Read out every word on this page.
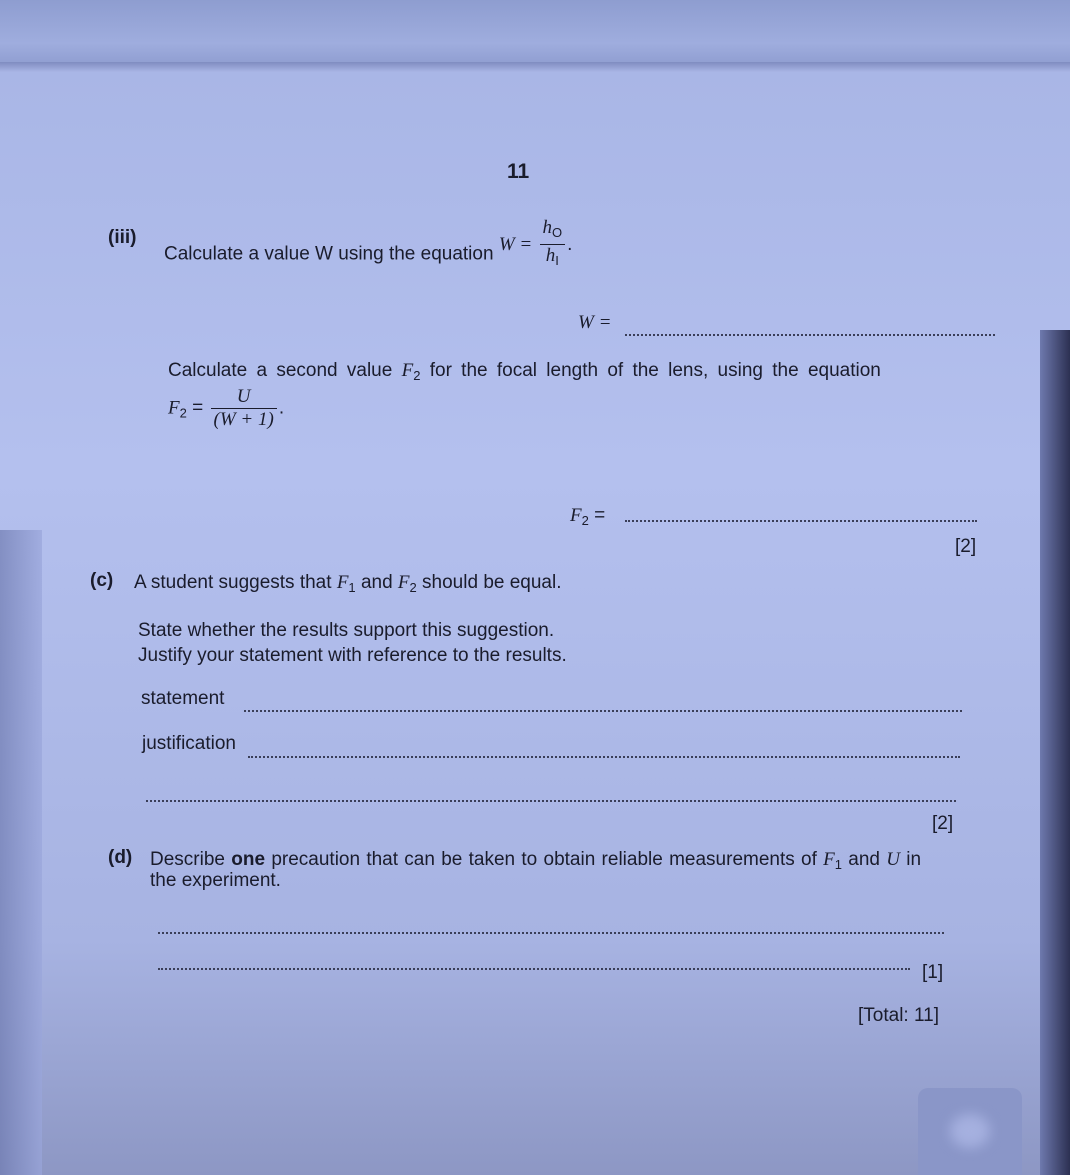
11
(iii)
Calculate a value W using the equation $W = \frac{h_O}{h_I}$ .
W =
Calculate a second value $F_2$ for the focal length of the lens, using the equation
$F_2 = \frac{U}{(W + 1)}$ .
$F_2$ =
[2]
(c) A student suggests that $F_1$ and $F_2$ should be equal.
State whether the results support this suggestion.
Justify your statement with reference to the results.
statement
justification
[2]
(d) Describe one precaution that can be taken to obtain reliable measurements of $F_1$ and U in
the experiment.
[1]
[Total: 11]
